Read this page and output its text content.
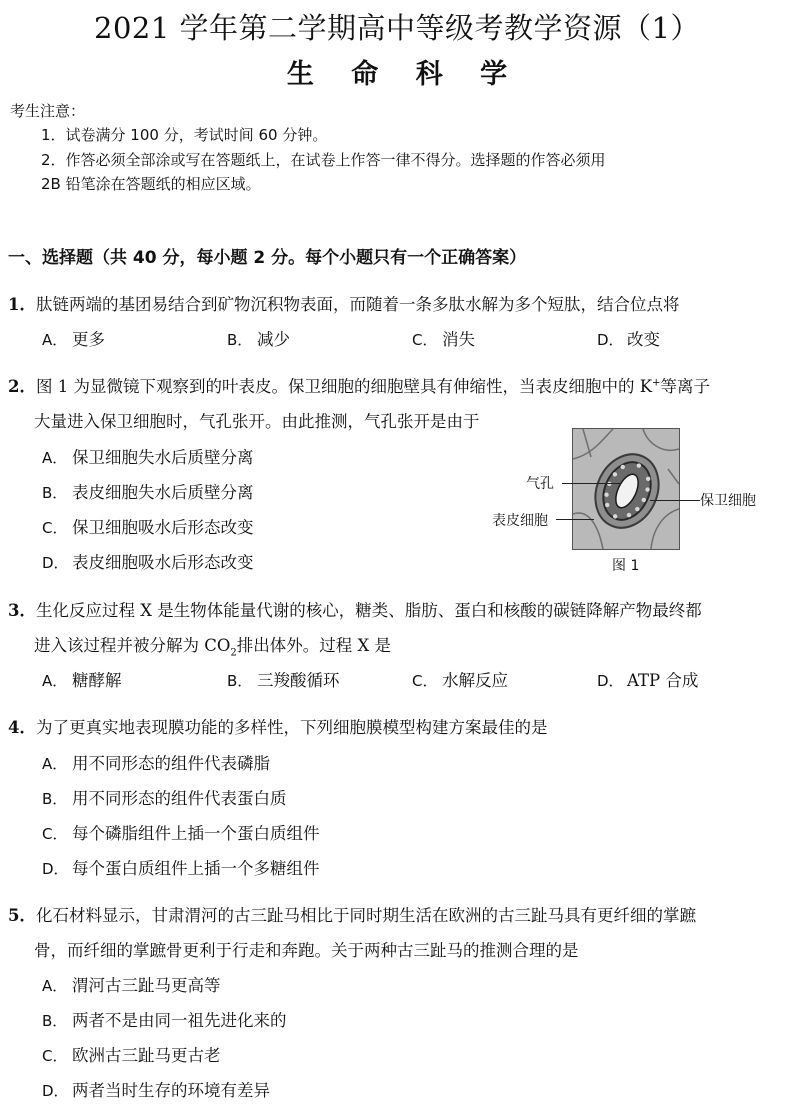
2021 学年第二学期高中等级考教学资源（1）
生 命 科 学
考生注意：
1．试卷满分 100 分，考试时间 60 分钟。
2．作答必须全部涂或写在答题纸上，在试卷上作答一律不得分。选择题的作答必须用
2B 铅笔涂在答题纸的相应区域。
一、选择题（共 40 分，每小题 2 分。每个小题只有一个正确答案）
1．肽链两端的基团易结合到矿物沉积物表面，而随着一条多肽水解为多个短肽，结合位点将
A． 更多	B． 减少	C． 消失	D． 改变
2．图 1 为显微镜下观察到的叶表皮。保卫细胞的细胞壁具有伸缩性，当表皮细胞中的 K+等离子
大量进入保卫细胞时，气孔张开。由此推测，气孔张开是由于
A． 保卫细胞失水后质壁分离
B． 表皮细胞失水后质壁分离
C． 保卫细胞吸水后形态改变
D． 表皮细胞吸水后形态改变
气孔
表皮细胞
保卫细胞
图 1
3．生化反应过程 X 是生物体能量代谢的核心，糖类、脂肪、蛋白和核酸的碳链降解产物最终都
进入该过程并被分解为 $CO_2$排出体外。过程 X 是
A． 糖酵解	B． 三羧酸循环	C． 水解反应	D． ATP 合成
4．为了更真实地表现膜功能的多样性，下列细胞膜模型构建方案最佳的是
A． 用不同形态的组件代表磷脂
B． 用不同形态的组件代表蛋白质
C． 每个磷脂组件上插一个蛋白质组件
D． 每个蛋白质组件上插一个多糖组件
5．化石材料显示，甘肃渭河的古三趾马相比于同时期生活在欧洲的古三趾马具有更纤细的掌蹠
骨，而纤细的掌蹠骨更利于行走和奔跑。关于两种古三趾马的推测合理的是
A． 渭河古三趾马更高等
B． 两者不是由同一祖先进化来的
C． 欧洲古三趾马更古老
D． 两者当时生存的环境有差异
